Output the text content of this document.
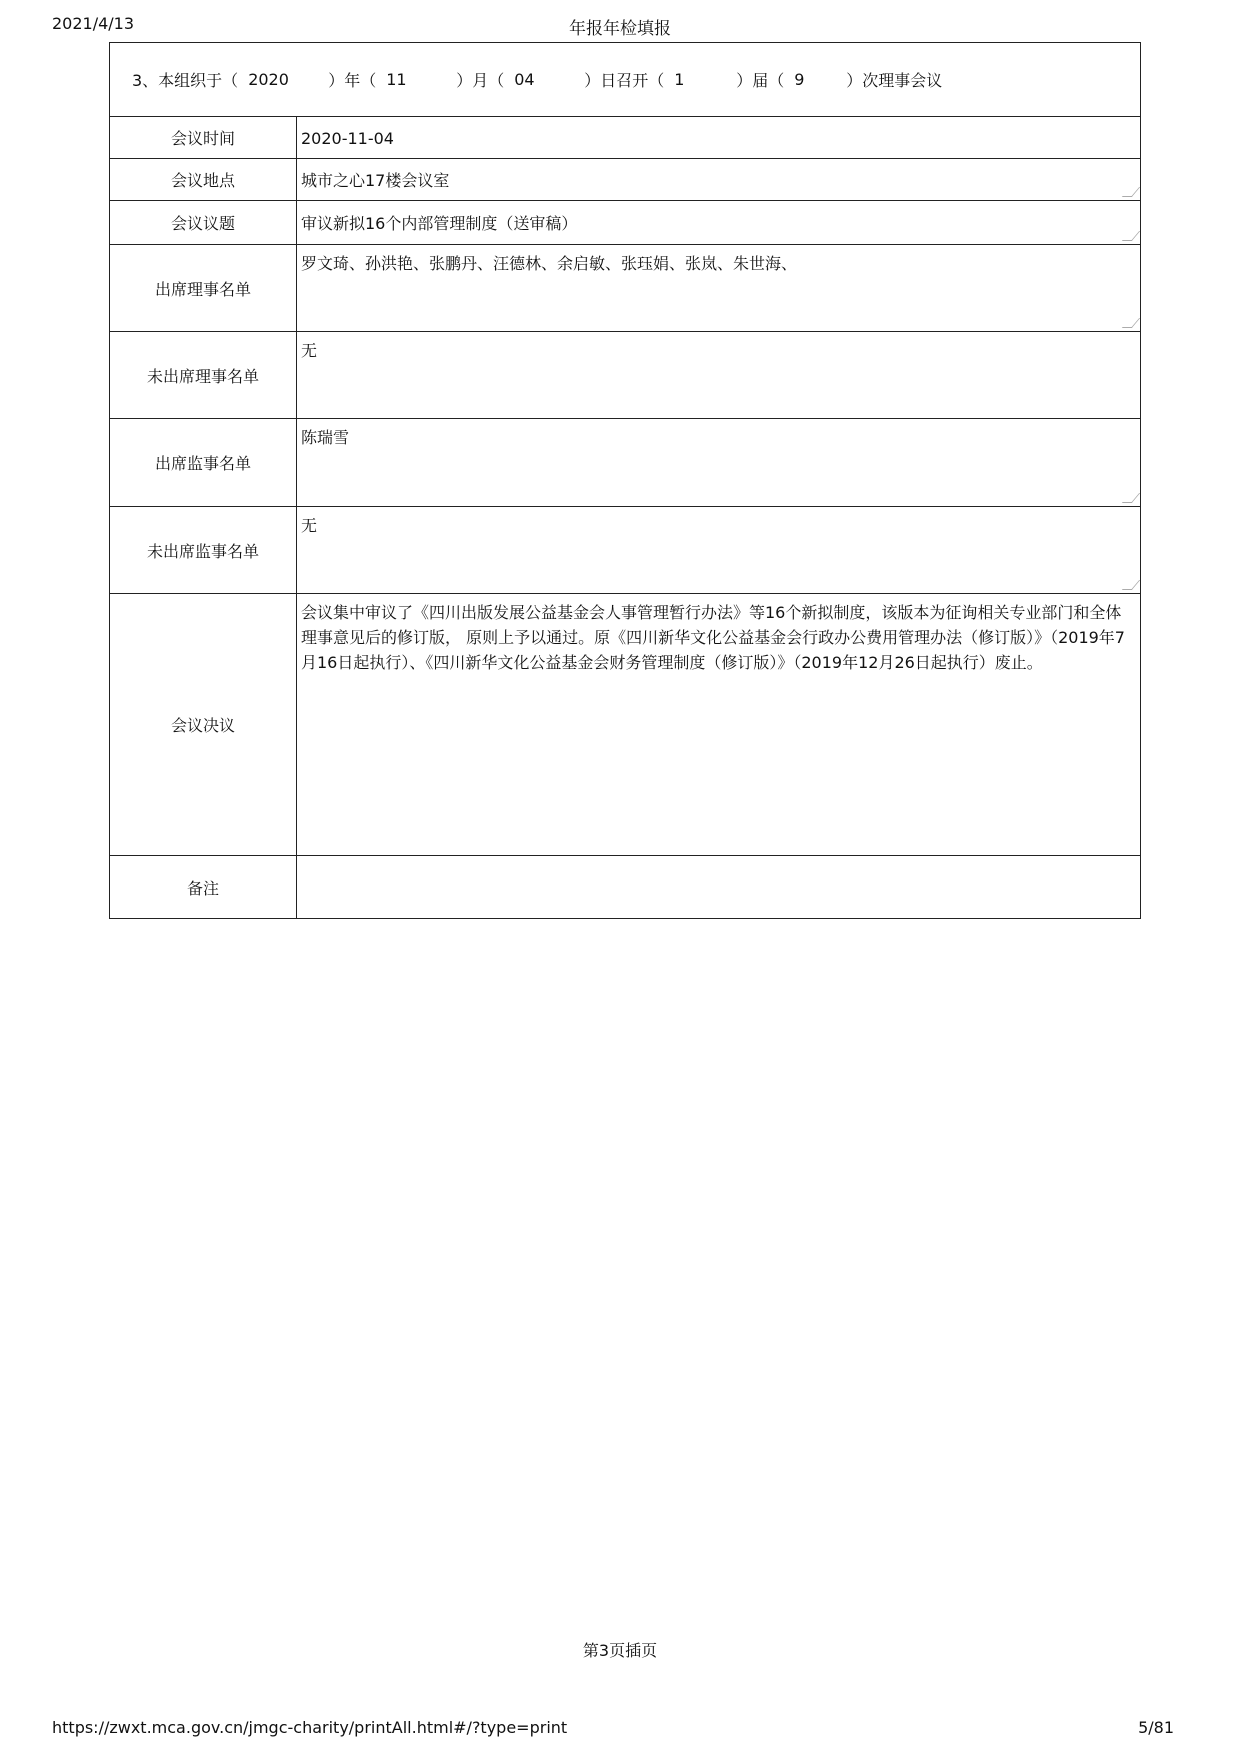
2021/4/13	年报年检填报
3、本组织于（ 2020	）年（ 11	）月（ 04	）日召开（ 1	）届（ 9	）次理事会议
会议时间	2020-11-04
会议地点	城市之心17楼会议室

会议议题	审议新拟16个内部管理制度（送审稿）

出席理事名单	罗文琦、孙洪艳、张鹏丹、汪德林、余启敏、张珏娟、张岚、朱世海、

未出席理事名单	无
出席监事名单	陈瑞雪

未出席监事名单	无

会议决议	会议集中审议了《四川出版发展公益基金会人事管理暂行办法》等16个新拟制度，该版本为征询相关专业部门和全体理事意见后的修订版， 原则上予以通过。原《四川新华文化公益基金会行政办公费用管理办法（修订版）》（2019年7月16日起执行）、《四川新华文化公益基金会财务管理制度（修订版）》（2019年12月26日起执行）废止。
备注	
第3页插页
https://zwxt.mca.gov.cn/jmgc-charity/printAll.html#/?type=print	5/81
